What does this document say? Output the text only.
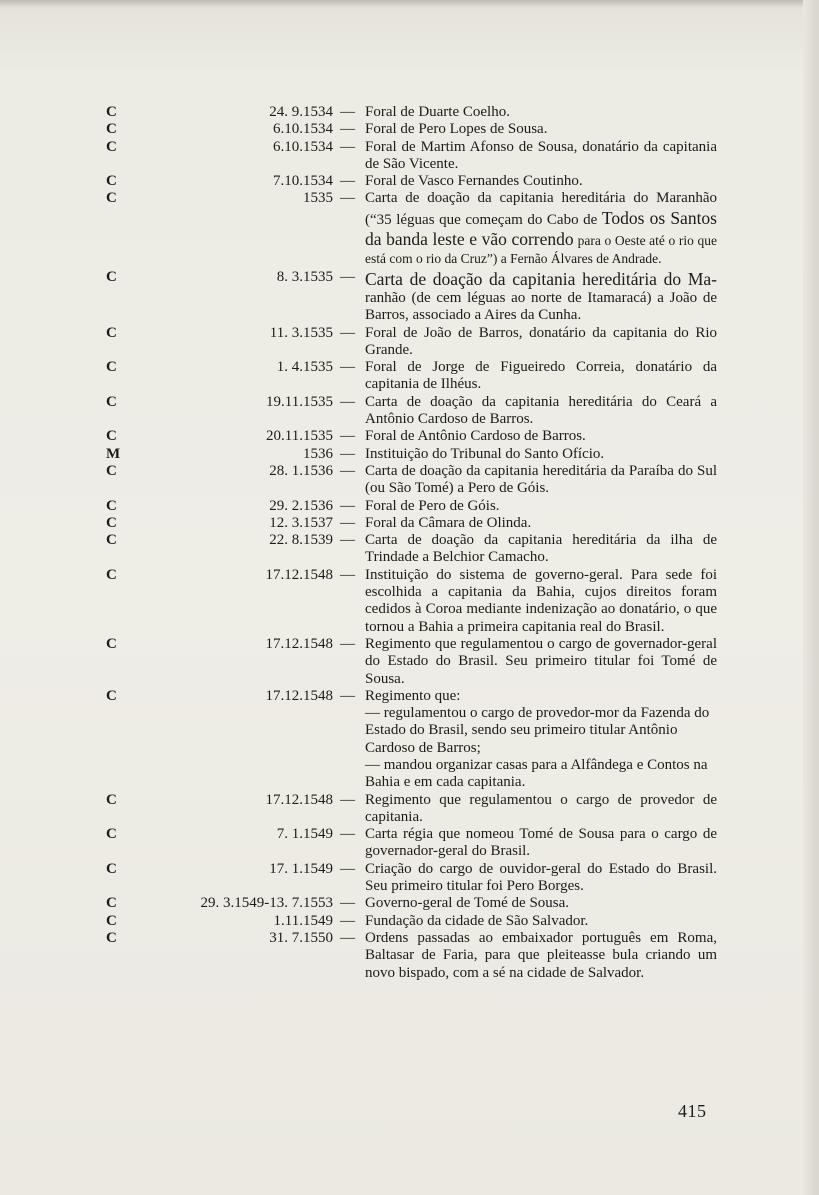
C	24. 9.1534 — Foral de Duarte Coelho.
C	6.10.1534 — Foral de Pero Lopes de Sousa.
C	6.10.1534 — Foral de Martim Afonso de Sousa, donatário da capitania de São Vicente.
C	7.10.1534 — Foral de Vasco Fernandes Coutinho.
C	1535 — Carta de doação da capitania hereditária do Maranhão (“35 léguas que começam do Cabo de Todos os Santos da banda leste e vão correndo para o Oeste até o rio que está com o rio da Cruz”) a Fernão Álvares de Andrade.
C	8. 3.1535 — Carta de doação da capitania hereditária do Ma- ranhão (de cem léguas ao norte de Itamaracá) a João de Barros, associado a Aires da Cunha.
C	11. 3.1535 — Foral de João de Barros, donatário da capitania do Rio Grande.
C	1. 4.1535 — Foral de Jorge de Figueiredo Correia, donatário da capitania de Ilhéus.
C	19.11.1535 — Carta de doação da capitania hereditária do Ceará a Antônio Cardoso de Barros.
C	20.11.1535 — Foral de Antônio Cardoso de Barros.
M	1536 — Instituição do Tribunal do Santo Ofício.
C	28. 1.1536 — Carta de doação da capitania hereditária da Paraíba do Sul (ou São Tomé) a Pero de Góis.
C	29. 2.1536 — Foral de Pero de Góis.
C	12. 3.1537 — Foral da Câmara de Olinda.
C	22. 8.1539 — Carta de doação da capitania hereditária da ilha de Trindade a Belchior Camacho.
C	17.12.1548 — Instituição do sistema de governo-geral. Para sede foi escolhida a capitania da Bahia, cujos direitos foram cedidos à Coroa mediante indenização ao donatário, o que tornou a Bahia a primeira capitania real do Brasil.
C	17.12.1548 — Regimento que regulamentou o cargo de governador-geral do Estado do Brasil. Seu primeiro titular foi Tomé de Sousa.
C	17.12.1548 — Regimento que:
— regulamentou o cargo de provedor-mor da Fazenda do Estado do Brasil, sendo seu primeiro titular Antônio Cardoso de Barros;
— mandou organizar casas para a Alfândega e Contos na Bahia e em cada capitania.
C	17.12.1548 — Regimento que regulamentou o cargo de provedor de capitania.
C	7. 1.1549 — Carta régia que nomeou Tomé de Sousa para o cargo de governador-geral do Brasil.
C	17. 1.1549 — Criação do cargo de ouvidor-geral do Estado do Brasil. Seu primeiro titular foi Pero Borges.
C	29. 3.1549-13. 7.1553 — Governo-geral de Tomé de Sousa.
C	1.11.1549 — Fundação da cidade de São Salvador.
C	31. 7.1550 — Ordens passadas ao embaixador português em Roma, Baltasar de Faria, para que pleiteasse bula criando um novo bispado, com a sé na cidade de Salvador.
415
